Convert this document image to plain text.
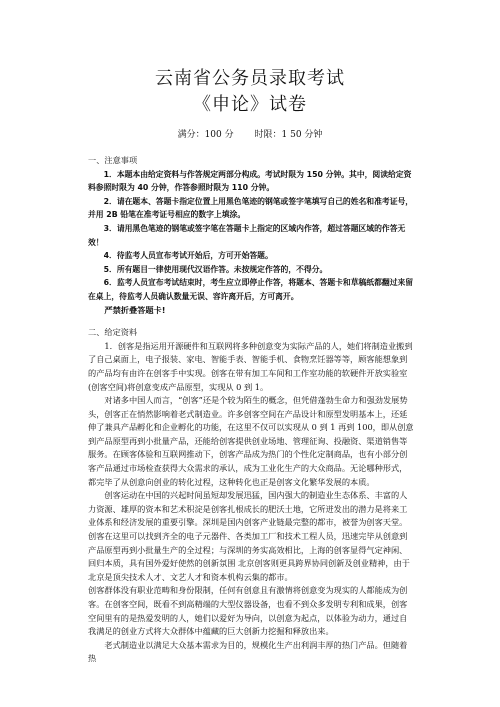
云南省公务员录取考试
《申论》试卷
满分：100 分 时限：1 50 分钟

一、注意事项

1．本题本由给定资料与作答规定两部分构成。考试时限为 150 分钟。其中，阅读给定资料参照时限为 40 分钟，作答参照时限为 110 分钟。

2．请在题本、答题卡指定位置上用黑色笔迹的钢笔或签字笔填写自己的姓名和准考证号，并用 2B 铅笔在准考证号相应的数字上填涂。

3．请用黑色笔迹的钢笔或签字笔在答题卡上指定的区域内作答，超过答题区域的作答无效！

4．待监考人员宣布考试开始后，方可开始答题。

5．所有题目一律使用现代汉语作答。未按规定作答的，不得分。

6．监考人员宣布考试结束时，考生应立即停止作答，将题本、答题卡和草稿纸都翻过来留在桌上，待监考人员确认数量无误、容许离开后，方可离开。

严禁折叠答题卡!

二、给定资料

1．创客是指运用开源硬件和互联网将多种创意变为实际产品的人，她们将制造业搬到了自己桌面上，电子报装、家电、智能手表、智能手机、食物烹饪器等等，顾客能想象到的产品均有由许在创客手中实现。创客在带有加工车间和工作室功能的软硬件开放实验室(创客空间)将创意变成产品原型，实现从 0 到 1。

对诸多中国人而言，“创客”还是个较为陌生的概念，但凭借蓬勃生命力和强劲发展势头，创客正在悄然影响着老式制造业。许多创客空间在产品设计和原型发明基本上，还延伸了兼具产品孵化和企业孵化的功能，在这里不仅可以实现从 0 到 1 再到 100，即从创意到产品原型再到小批量产品，还能给创客提供创业场地、管理征询、投融资、渠道销售等服务。在顾客体验和互联网推动下，创客产品成为热门的个性化定制商品，也有小部分创客产品通过市场检查获得大众需求的承认，成为工业化生产的大众商品。无论哪种形式，都完毕了从创意向创业的转化过程，这种转化也正是创客文化繁华发展的本质。

创客运动在中国的兴起时间虽短却发展迅猛，国内强大的制造业生态体系、丰富的人力资源、雄厚的资本和艺术积淀是创客扎根成长的肥沃土地，它所迸发出的潜力是将来工业体系和经济发展的重要引擎。深圳是国内创客产业链最完整的都市，被誉为创客天堂。创客在这里可以找到齐全的电子元器件、各类加工厂和技术工程人员，迅速完毕从创意到产品原型再到小批量生产的全过程；与深圳的务实高效相比，上海的创客显得气定神闲、回归本质，具有国外爱好使然的创新氛围 北京创客则更具跨界协同创新及创业精神，由于北京是顶尖技术人才、文艺人才和资本机构云集的都市。

创客群体没有职业范畴和身份限制，任何有创意且有激情将创意变为现实的人都能成为创客。在创客空间，既看不到高精端的大型仪器设备，也看不到众多发明专利和成果，创客空间里有的是热爱发明的人，她们以爱好为导向，以创意为起点，以体验为动力，通过自我满足的创业方式将大众群体中蕴藏的巨大创新力挖掘和释放出来。

老式制造业以满足大众基本需求为目的，规模化生产出利润丰厚的热门产品。但随着热
